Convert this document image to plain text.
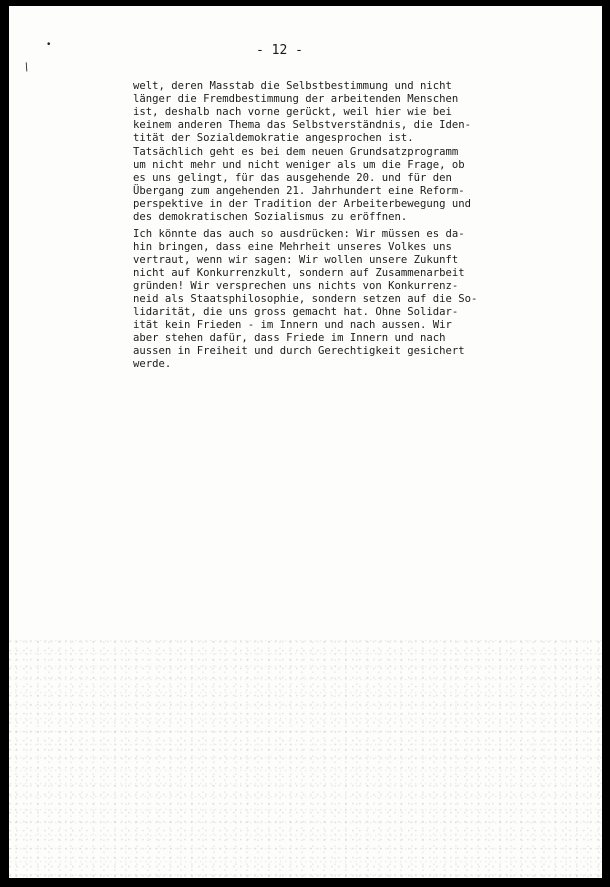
•
/
- 12 -
welt, deren Masstab die Selbstbestimmung und nicht
länger die Fremdbestimmung der arbeitenden Menschen
ist, deshalb nach vorne gerückt, weil hier wie bei
keinem anderen Thema das Selbstverständnis, die Iden-
tität der Sozialdemokratie angesprochen ist.
Tatsächlich geht es bei dem neuen Grundsatzprogramm
um nicht mehr und nicht weniger als um die Frage, ob
es uns gelingt, für das ausgehende 20. und für den
Übergang zum angehenden 21. Jahrhundert eine Reform-
perspektive in der Tradition der Arbeiterbewegung und
des demokratischen Sozialismus zu eröffnen.
Ich könnte das auch so ausdrücken: Wir müssen es da-
hin bringen, dass eine Mehrheit unseres Volkes uns
vertraut, wenn wir sagen: Wir wollen unsere Zukunft
nicht auf Konkurrenzkult, sondern auf Zusammenarbeit
gründen! Wir versprechen uns nichts von Konkurrenz-
neid als Staatsphilosophie, sondern setzen auf die So-
lidarität, die uns gross gemacht hat. Ohne Solidar-
ität kein Frieden - im Innern und nach aussen. Wir
aber stehen dafür, dass Friede im Innern und nach
aussen in Freiheit und durch Gerechtigkeit gesichert
werde.
